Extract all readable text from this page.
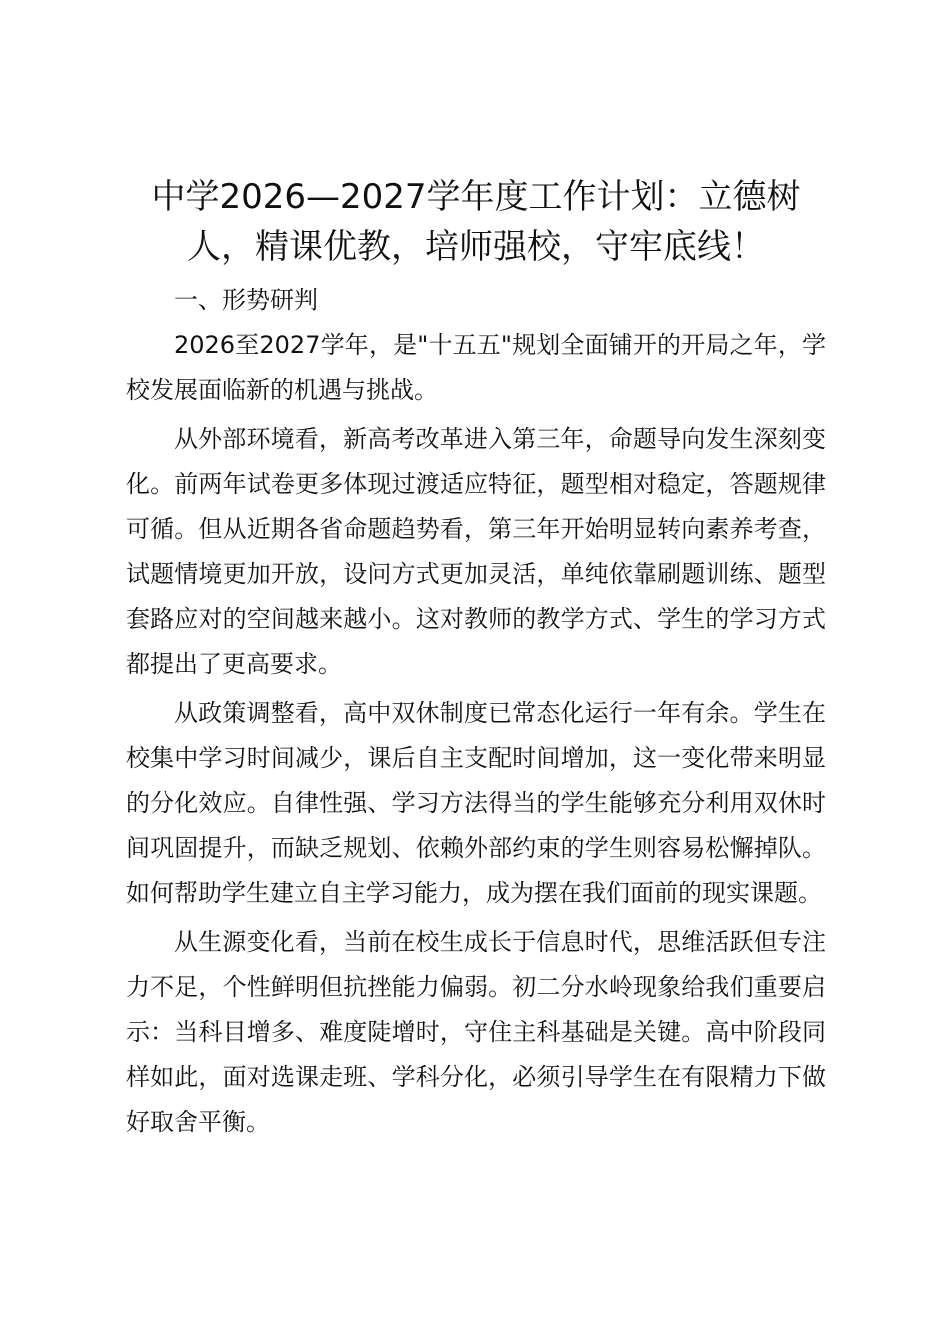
中学2026—2027学年度工作计划：立德树人，精课优教，培师强校，守牢底线！

一、形势研判

2026至2027学年，是"十五五"规划全面铺开的开局之年，学校发展面临新的机遇与挑战。

从外部环境看，新高考改革进入第三年，命题导向发生深刻变化。前两年试卷更多体现过渡适应特征，题型相对稳定，答题规律可循。但从近期各省命题趋势看，第三年开始明显转向素养考查，试题情境更加开放，设问方式更加灵活，单纯依靠刷题训练、题型套路应对的空间越来越小。这对教师的教学方式、学生的学习方式都提出了更高要求。

从政策调整看，高中双休制度已常态化运行一年有余。学生在校集中学习时间减少，课后自主支配时间增加，这一变化带来明显的分化效应。自律性强、学习方法得当的学生能够充分利用双休时间巩固提升，而缺乏规划、依赖外部约束的学生则容易松懈掉队。如何帮助学生建立自主学习能力，成为摆在我们面前的现实课题。

从生源变化看，当前在校生成长于信息时代，思维活跃但专注力不足，个性鲜明但抗挫能力偏弱。初二分水岭现象给我们重要启示：当科目增多、难度陡增时，守住主科基础是关键。高中阶段同样如此，面对选课走班、学科分化，必须引导学生在有限精力下做好取舍平衡。
